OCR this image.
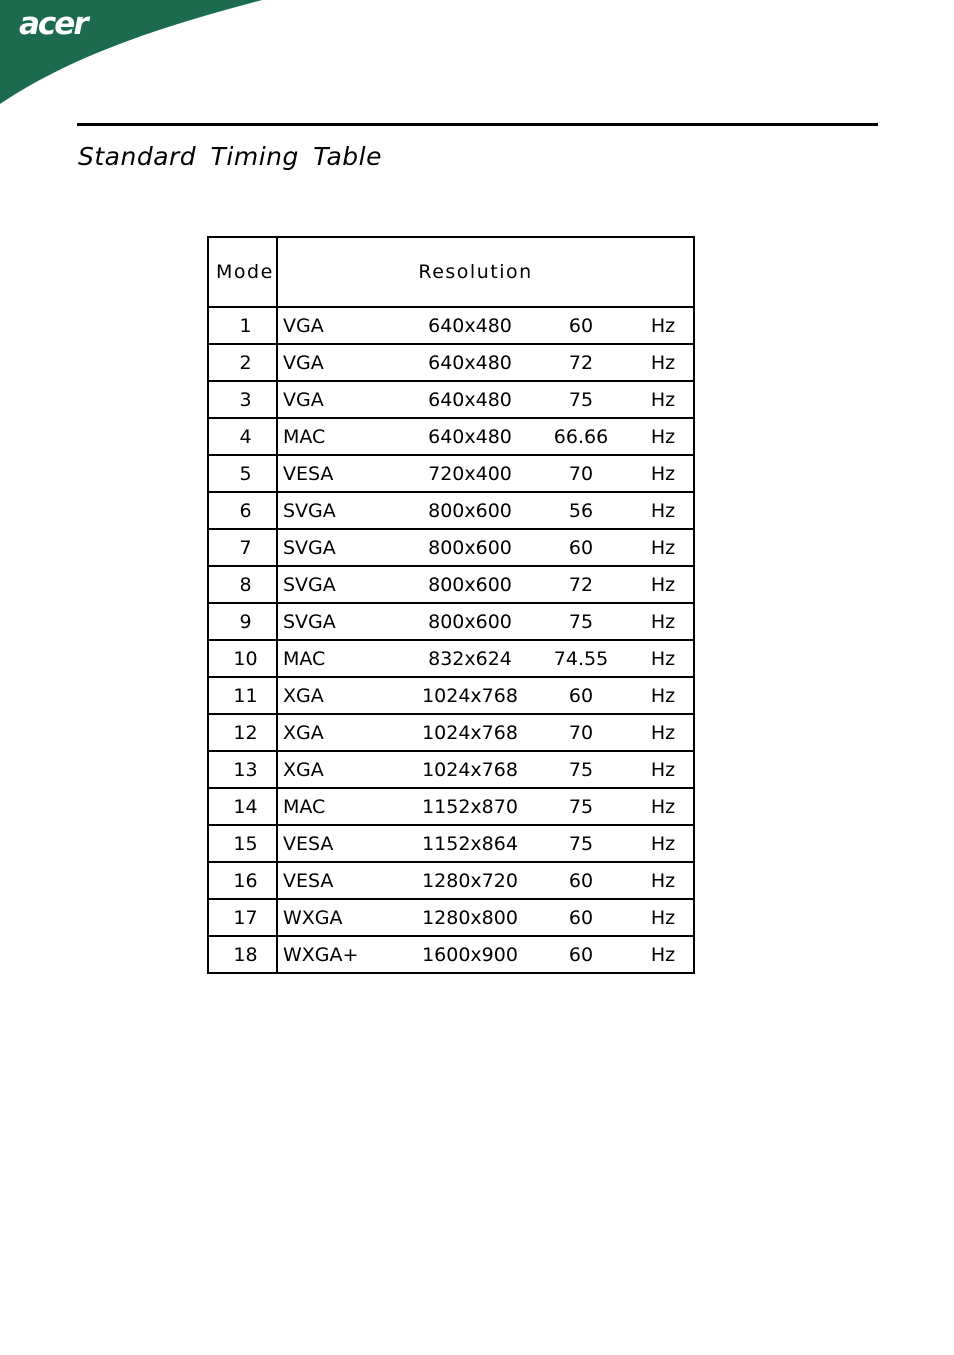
acer
Standard Timing Table
Mode	Resolution
1	VGA 640x480 60 Hz

2	VGA 640x480 72 Hz

3	VGA 640x480 75 Hz

4	MAC 640x480 66.66 Hz

5	VESA 720x400 70 Hz

6	SVGA 800x600 56 Hz

7	SVGA 800x600 60 Hz

8	SVGA 800x600 72 Hz

9	SVGA 800x600 75 Hz

10	MAC 832x624 74.55 Hz

11	XGA 1024x768 60 Hz

12	XGA 1024x768 70 Hz

13	XGA 1024x768 75 Hz

14	MAC 1152x870 75 Hz

15	VESA 1152x864 75 Hz

16	VESA 1280x720 60 Hz

17	WXGA 1280x800 60 Hz

18	WXGA+ 1600x900 60 Hz
